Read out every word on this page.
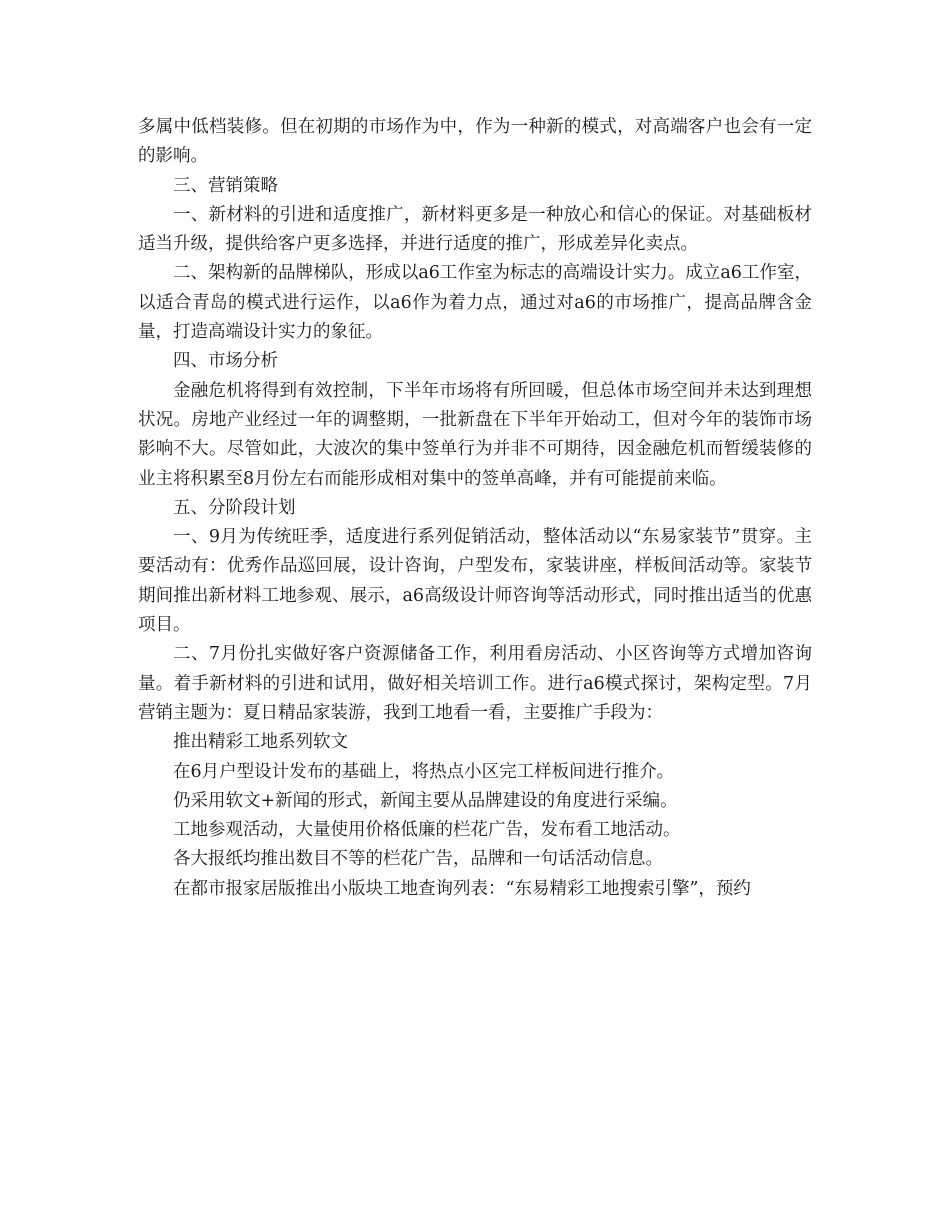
多属中低档装修。但在初期的市场作为中，作为一种新的模式，对高端客户也会有一定的影响。

三、营销策略

一、新材料的引进和适度推广，新材料更多是一种放心和信心的保证。对基础板材适当升级，提供给客户更多选择，并进行适度的推广，形成差异化卖点。

二、架构新的品牌梯队，形成以a6工作室为标志的高端设计实力。成立a6工作室，以适合青岛的模式进行运作，以a6作为着力点，通过对a6的市场推广，提高品牌含金量，打造高端设计实力的象征。

四、市场分析

金融危机将得到有效控制，下半年市场将有所回暖，但总体市场空间并未达到理想状况。房地产业经过一年的调整期，一批新盘在下半年开始动工，但对今年的装饰市场影响不大。尽管如此，大波次的集中签单行为并非不可期待，因金融危机而暂缓装修的业主将积累至8月份左右而能形成相对集中的签单高峰，并有可能提前来临。

五、分阶段计划

一、9月为传统旺季，适度进行系列促销活动，整体活动以“东易家装节”贯穿。主要活动有：优秀作品巡回展，设计咨询，户型发布，家装讲座，样板间活动等。家装节期间推出新材料工地参观、展示，a6高级设计师咨询等活动形式，同时推出适当的优惠项目。

二、7月份扎实做好客户资源储备工作，利用看房活动、小区咨询等方式增加咨询量。着手新材料的引进和试用，做好相关培训工作。进行a6模式探讨，架构定型。7月营销主题为：夏日精品家装游，我到工地看一看，主要推广手段为：

推出精彩工地系列软文

在6月户型设计发布的基础上，将热点小区完工样板间进行推介。

仍采用软文+新闻的形式，新闻主要从品牌建设的角度进行采编。

工地参观活动，大量使用价格低廉的栏花广告，发布看工地活动。

各大报纸均推出数目不等的栏花广告，品牌和一句话活动信息。

在都市报家居版推出小版块工地查询列表：“东易精彩工地搜索引擎”，预约
